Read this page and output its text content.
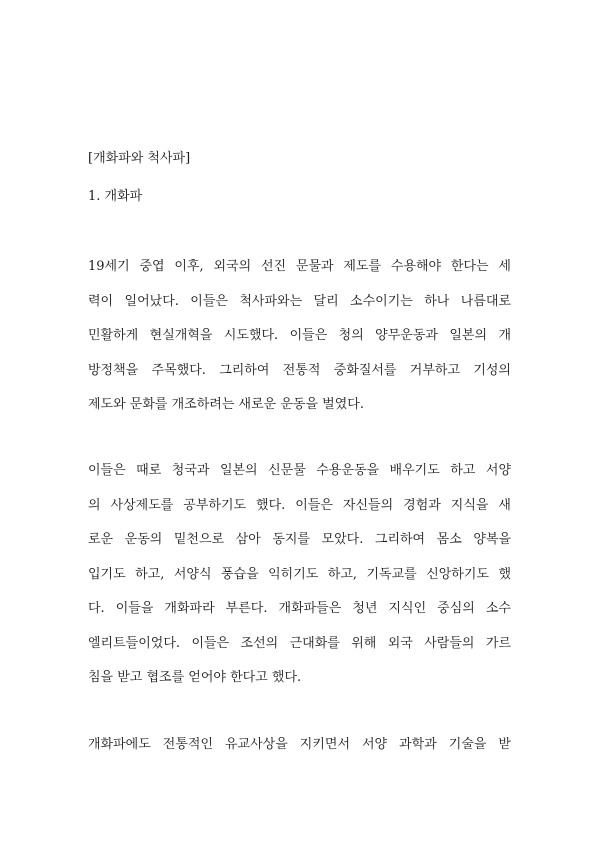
[개화파와 척사파]
1. 개화파
19세기 중엽 이후, 외국의 선진 문물과 제도를 수용해야 한다는 세
력이 일어났다. 이들은 척사파와는 달리 소수이기는 하나 나름대로
민활하게 현실개혁을 시도했다. 이들은 청의 양무운동과 일본의 개
방정책을 주목했다. 그리하여 전통적 중화질서를 거부하고 기성의
제도와 문화를 개조하려는 새로운 운동을 벌였다.
이들은 때로 청국과 일본의 신문물 수용운동을 배우기도 하고 서양
의 사상제도를 공부하기도 했다. 이들은 자신들의 경험과 지식을 새
로운 운동의 밑천으로 삼아 동지를 모았다. 그리하여 몸소 양복을
입기도 하고, 서양식 풍습을 익히기도 하고, 기독교를 신앙하기도 했
다. 이들을 개화파라 부른다. 개화파들은 청년 지식인 중심의 소수
엘리트들이었다. 이들은 조선의 근대화를 위해 외국 사람들의 가르
침을 받고 협조를 얻어야 한다고 했다.
개화파에도 전통적인 유교사상을 지키면서 서양 과학과 기술을 받
